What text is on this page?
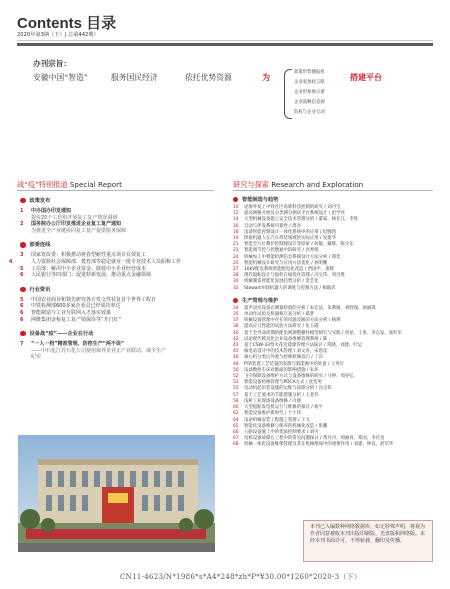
Contents 目录
2020年第3期（下）| 总第442期）
办刊宗旨：
安徽中国“智造”	服务国民经济	依托优势资源	为	政策形势播报机
企业家参政言路
企业形象展示窗
企业战略信息源
院校与企业互动
搭建平台
战“疫”特别报道 Special Report
政策发布
1 中办国办印发通知
提价20个工作组开展复工复产情况调研
2 国务院办公厅印发推进企业复工复产通知
为推进全产业链协同复工复产提供服务保障
部委连线
3 国家发改委：积极推动将春型耐性重点项目有效复工
4	人力资源社会保障部、教育部等稳定就业一批专业技术人员职称工作
5 工信部：解决中小企业资金、降低中小企业经营成本
6 人民银行等四部门：促进特新发展、推动重点金融领域
行业资讯
5 中国农业商业和领先研究各方发文件获复首个世界工程日
6 中铁检测部600多家企业具已经成功率达
6 智能制造与工业互联网入才落实效果
6 网维集团金检复工复产销保诊等“开门红”
设备战“疫”——企业在行动
7 “一人一档”精准管理，防控生产“两不误”
——中石化江苏石化公司使用保养企业正产业联动，减少生产
纪实
研究与探索 Research and Exploration
智能制造与趋势
10 论海外复工中铁社区高新科技控制的研究 / 刘丹宝
12 提高网格开展及分类测分测试平台系统设计 / 赵学亮
14 大型机械设备施工安全技术管理分析 / 董家、杨在江、李进
16 自动与伴发系统可靠性 / 周谷
18 浅谈智能控制设计一体化系统中的应用 / 纪腾凯
19 焊接机器人在汽车焊装领域的实际应用 / 发建华
21 智能全方位教护控制理设计等原研 / 何敏、戴辉、陈少东
23 智能调节控与控数通中的研究 / 高秀娟
24 机械加工中智能检测信息系统设计方法分析 / 邢奕
25 智能机械设计研究与应用方法优化 / 孙明鹏
27 10kV配电系统智能配电化改造 / 贾国平、康辉
28 现代船舶设计与船检在线优化管理 / 冯宝伟、周宫胜
30 机械制造智能化发展趋势分析 / 金艺化
32 Stewart并联机器人的调度与控制方法 / 相联武
生产管理与维护
34 超声浸水设备在测量检验的分析 / 朱宏法、朱利敏、刘胜瑞、颜丽嵩
35 单动作试验及机器相互高分析 / 葛梦
37 机械设备管理中存在的问题及解决方法分析 / 杨瑛
38 提高应刀性能的试验方法研究 / 伍玉霞
40 基于全寿命周期的配电网调整操作模型研究与实践 / 周星、王勇、李宗发、张红军
42 试论现代模具化企业设备维修管理系统 / 陈
43 基于CSW-33型火花室能源管理方法探讨 / 常晓、刘建、叶运
45 核电站设计中的技术管理 / 刘文涛、宋思雷
46 离心机分类后外观与检修检修技巧 / 丁莎
48 PTA装置工艺装置的发散与新能源中的处置 / 王英年
50 浅谈数控车床对锥面的影响措施 / 朱环
52 飞空保障设备维护方式与设备维修的研究 / 马婷、周亮弘
53 智能设备检修管理与PDCA方式 / 沈奕男
55 电动机起吊装设施的运维与故障分析 / 冯宝伟
57 基于工艺要求的节能措施分析 / 王金芬
58 浅析工业现场设备维修 / 冯康
60 大型船舶发电机运行与维修的探讨 / 杨宇
62 智能设备维护新时代 / 于小伟
64 浅论机械安装工程施工管理 / 王飞
65 智能化设备维修与保养的机械化改造 / 张鹏
66 公路设备施工中的优质控制要求 / 刘可
67 电机设备故障在工程中的常见问题探讨 / 黄丹丹、周丽君、郑国、李社星
68 机械一体化设备维保管理及其在机械维保中的重要作用 / 刘建、钟良、赵军华
本刊已入编数种网络数据库，如无特殊声明，将视为作者同意被收本刊出版印刷版、光盘版和网络版。未经本刊书面许可，不得转载、翻印及传播。
CN11-4623/N*1986*s*A4*248*zh*P*¥30.00*1260*2020-3（下）
